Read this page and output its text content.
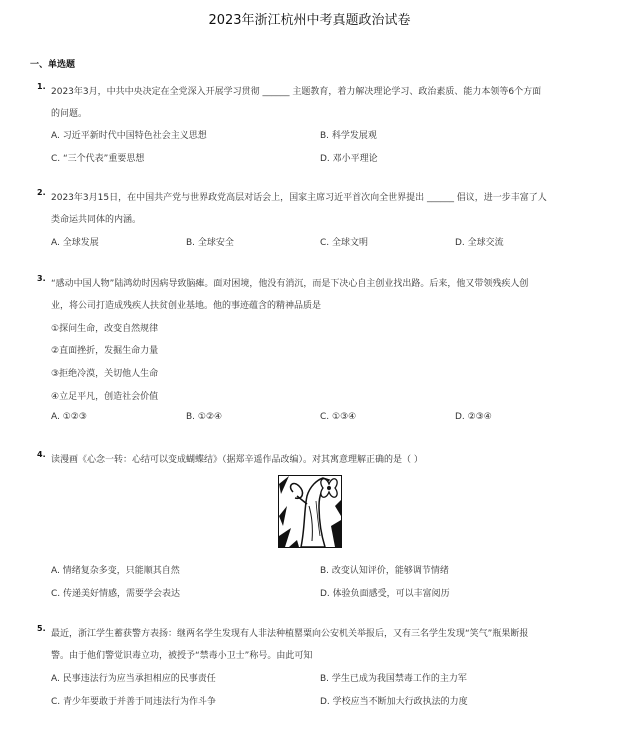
2023年浙江杭州中考真题政治试卷
一、单选题
1.
2023年3月，中共中央决定在全党深入开展学习贯彻 ______ 主题教育，着力解决理论学习、政治素质、能力本领等6个方面
的问题。
A. 习近平新时代中国特色社会主义思想	B. 科学发展观
C. “三个代表”重要思想	D. 邓小平理论
2.
2023年3月15日，在中国共产党与世界政党高层对话会上，国家主席习近平首次向全世界提出 ______ 倡议，进一步丰富了人
类命运共同体的内涵。
A. 全球发展	B. 全球安全	C. 全球文明	D. 全球交流
3.
“感动中国人物”陆鸿幼时因病导致脑瘫。面对困境，他没有消沉，而是下决心自主创业找出路。后来，他又带领残疾人创
业，将公司打造成残疾人扶贫创业基地。他的事迹蕴含的精神品质是
①探问生命，改变自然规律
②直面挫折，发掘生命力量
③拒绝冷漠，关切他人生命
④立足平凡，创造社会价值
A. ①②③	B. ①②④	C. ①③④	D. ②③④
4.
读漫画《心念一转：心结可以变成蝴蝶结》（据郑辛遥作品改编）。对其寓意理解正确的是（ ）
A. 情绪复杂多变，只能顺其自然	B. 改变认知评价，能够调节情绪
C. 传递美好情感，需要学会表达	D. 体验负面感受，可以丰富阅历
5.
最近，浙江学生蓄获警方表扬：继两名学生发现有人非法种植罂粟向公安机关举报后，又有三名学生发现“笑气”瓶果断报
警。由于他们警觉识毒立功，被授予“禁毒小卫士”称号。由此可知
A. 民事违法行为应当承担相应的民事责任	B. 学生已成为我国禁毒工作的主力军
C. 青少年要敢于并善于同违法行为作斗争	D. 学校应当不断加大行政执法的力度
